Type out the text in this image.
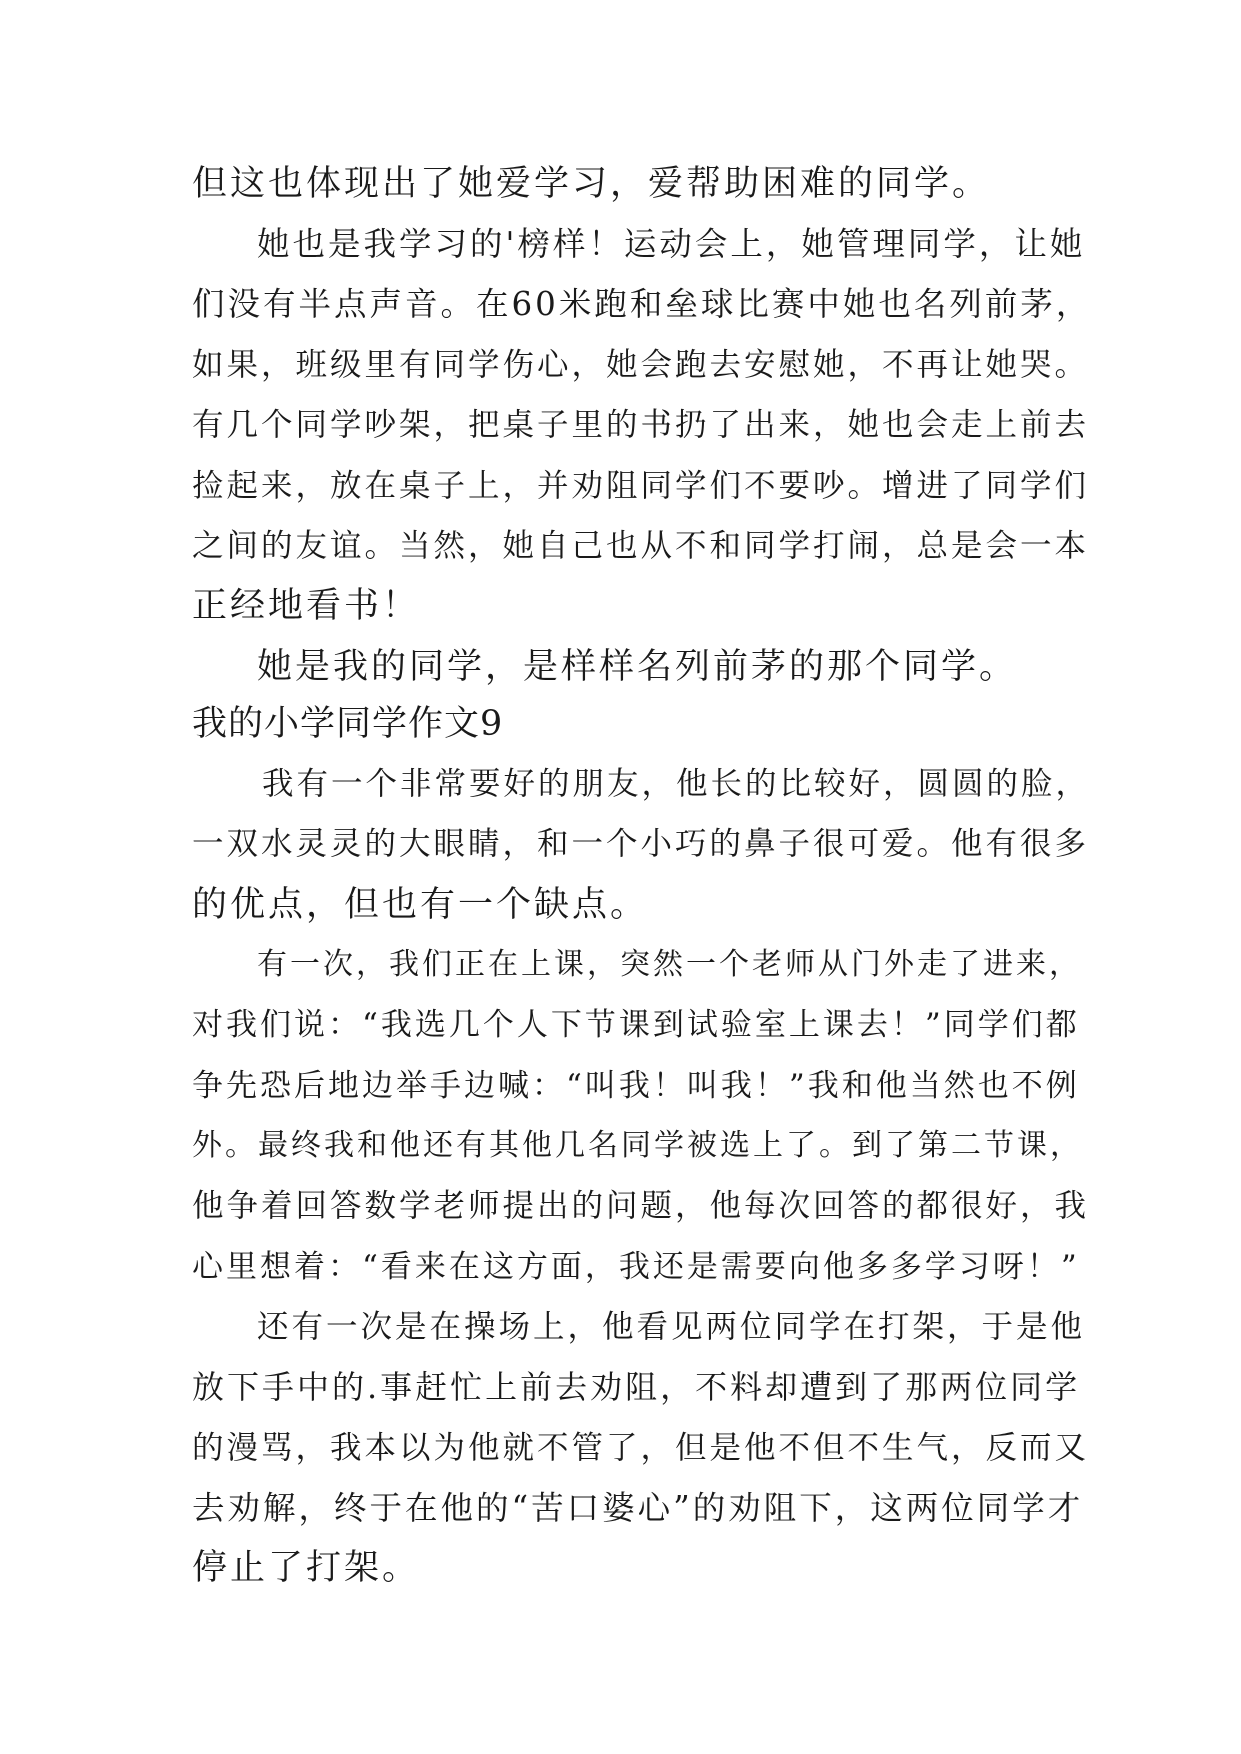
但这也体现出了她爱学习，爱帮助困难的同学。
她也是我学习的'榜样！运动会上，她管理同学，让她
们没有半点声音。在60米跑和垒球比赛中她也名列前茅，
如果，班级里有同学伤心，她会跑去安慰她，不再让她哭。
有几个同学吵架，把桌子里的书扔了出来，她也会走上前去
捡起来，放在桌子上，并劝阻同学们不要吵。增进了同学们
之间的友谊。当然，她自己也从不和同学打闹，总是会一本
正经地看书！
她是我的同学，是样样名列前茅的那个同学。
我的小学同学作文9
我有一个非常要好的朋友，他长的比较好，圆圆的脸，
一双水灵灵的大眼睛，和一个小巧的鼻子很可爱。他有很多
的优点，但也有一个缺点。
有一次，我们正在上课，突然一个老师从门外走了进来，
对我们说：“我选几个人下节课到试验室上课去！”同学们都
争先恐后地边举手边喊：“叫我！叫我！”我和他当然也不例
外。最终我和他还有其他几名同学被选上了。到了第二节课，
他争着回答数学老师提出的问题，他每次回答的都很好，我
心里想着：“看来在这方面，我还是需要向他多多学习呀！”
还有一次是在操场上，他看见两位同学在打架，于是他
放下手中的.事赶忙上前去劝阻，不料却遭到了那两位同学
的漫骂，我本以为他就不管了，但是他不但不生气，反而又
去劝解，终于在他的“苦口婆心”的劝阻下，这两位同学才
停止了打架。
